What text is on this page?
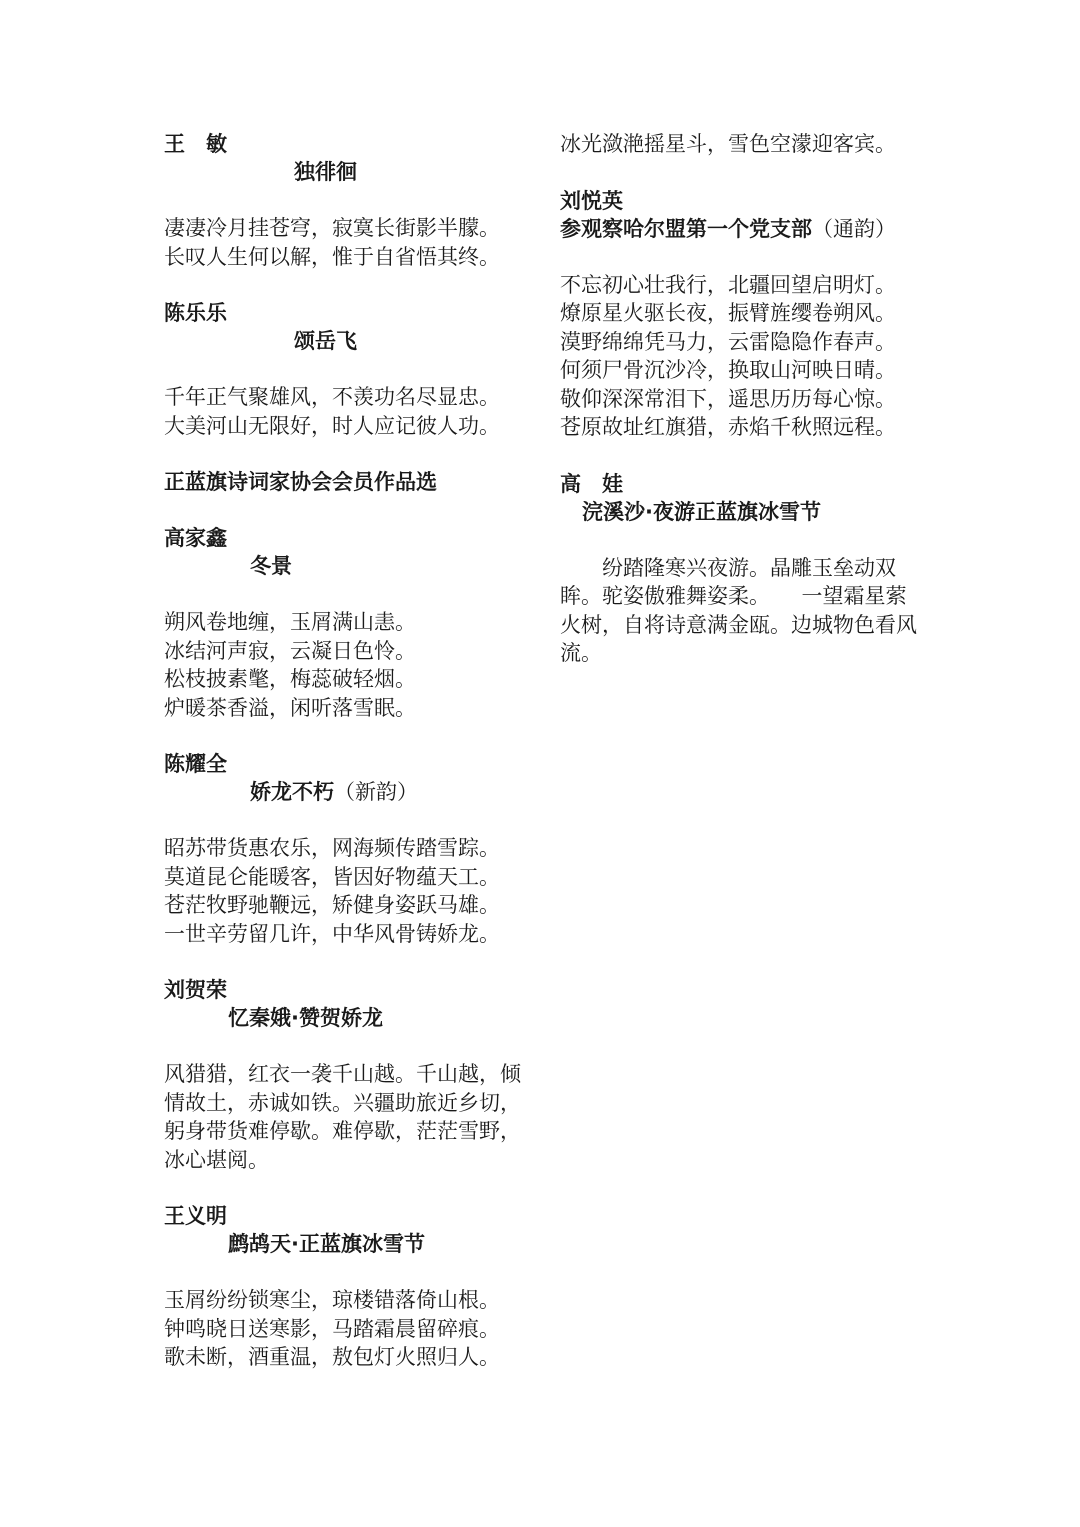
王　敏

独徘徊

凄凄冷月挂苍穹，寂寞长街影半朦。

长叹人生何以解，惟于自省悟其终。

陈乐乐

颂岳飞

千年正气聚雄风，不羡功名尽显忠。

大美河山无限好，时人应记彼人功。

正蓝旗诗词家协会会员作品选

高家鑫

冬景

朔风卷地缠，玉屑满山恚。

冰结河声寂，云凝日色怜。

松枝披素氅，梅蕊破轻烟。

炉暖茶香溢，闲听落雪眠。

陈耀全

娇龙不朽（新韵）

昭苏带货惠农乐，网海频传踏雪踪。

莫道昆仑能暖客，皆因好物蕴天工。

苍茫牧野驰鞭远，矫健身姿跃马雄。

一世辛劳留几许，中华风骨铸娇龙。

刘贺荣

忆秦娥·赞贺娇龙

风猎猎，红衣一袭千山越。千山越，倾情故土，赤诚如铁。兴疆助旅近乡切，躬身带货难停歇。难停歇，茫茫雪野，冰心堪阅。

王义明

鹧鸪天·正蓝旗冰雪节

玉屑纷纷锁寒尘，琼楼错落倚山根。

钟鸣晓日送寒影，马踏霜晨留碎痕。

歌未断，酒重温，敖包灯火照归人。

冰光潋滟摇星斗，雪色空濛迎客宾。

刘悦英

参观察哈尔盟第一个党支部（通韵）

不忘初心壮我行，北疆回望启明灯。

燎原星火驱长夜，振臂旌缨卷朔风。

漠野绵绵凭马力，云雷隐隐作春声。

何须尸骨沉沙冷，换取山河映日晴。

敬仰深深常泪下，遥思历历每心惊。

苍原故址红旗猎，赤焰千秋照远程。

高　娃

浣溪沙·夜游正蓝旗冰雪节

　　纷踏隆寒兴夜游。晶雕玉垒动双眸。驼姿傲雅舞姿柔。　　一望霜星萦火树，自将诗意满金瓯。边城物色看风流。
